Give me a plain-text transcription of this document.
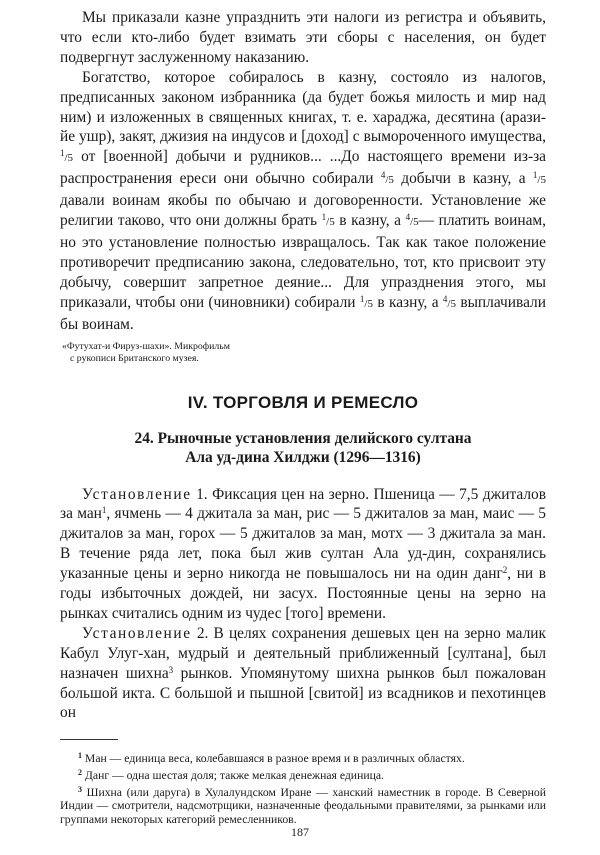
Мы приказали казне упразднить эти налоги из регистра и объявить, что если кто-либо будет взимать эти сборы с населения, он будет подвергнут заслуженному наказанию.

Богатство, которое собиралось в казну, состояло из налогов, предписанных законом избранника (да будет божья милость и мир над ним) и изложенных в священных книгах, т. е. хараджа, десятина (арази-йе ушр), закят, джизия на индусов и [доход] с вымороченного имущества, $^1$/5 от [военной] добычи и рудников... ...До настоящего времени из-за распространения ереси они обычно собирали $^4$/5 добычи в казну, а $^1$/5 давали воинам якобы по обычаю и договоренности. Установление же религии таково, что они должны брать $^1$/5 в казну, а $^4$/5— платить воинам, но это установление полностью извращалось. Так как такое положение противоречит предписанию закона, следовательно, тот, кто присвоит эту добычу, совершит запретное деяние... Для упразднения этого, мы приказали, чтобы они (чиновники) собирали $^1$/5 в казну, а $^4$/5 выплачивали бы воинам.

«Футухат-и Фируз-шахи». Микрофильм
с рукописи Британского музея.

IV. ТОРГОВЛЯ И РЕМЕСЛО
24. Рыночные установления делийского султана
Ала уд-дина Хилджи (1296—1316)

Установление 1. Фиксация цен на зерно. Пшеница — 7,5 джиталов за ман$^1$, ячмень — 4 джитала за ман, рис — 5 джиталов за ман, маис — 5 джиталов за ман, горох — 5 джиталов за ман, мотх — 3 джитала за ман. В течение ряда лет, пока был жив султан Ала уд-дин, сохранялись указанные цены и зерно никогда не повышалось ни на один данг$^2$, ни в годы избыточных дождей, ни засух. Постоянные цены на зерно на рынках считались одним из чудес [того] времени.

Установление 2. В целях сохранения дешевых цен на зерно малик Кабул Улуг-хан, мудрый и деятельный приближенный [султана], был назначен шихна$^3$ рынков. Упомянутому шихна рынков был пожалован большой икта. С большой и пышной [свитой] из всадников и пехотинцев он

$^1$ Ман — единица веса, колебавшаяся в разное время и в различных областях.

$^2$ Данг — одна шестая доля; также мелкая денежная единица.

$^3$ Шихна (или даруга) в Хулалундском Иране — ханский наместник в городе. В Северной Индии — смотрители, надсмотрщики, назначенные феодальными правителями, за рынками или группами некоторых категорий ремесленников.

187
